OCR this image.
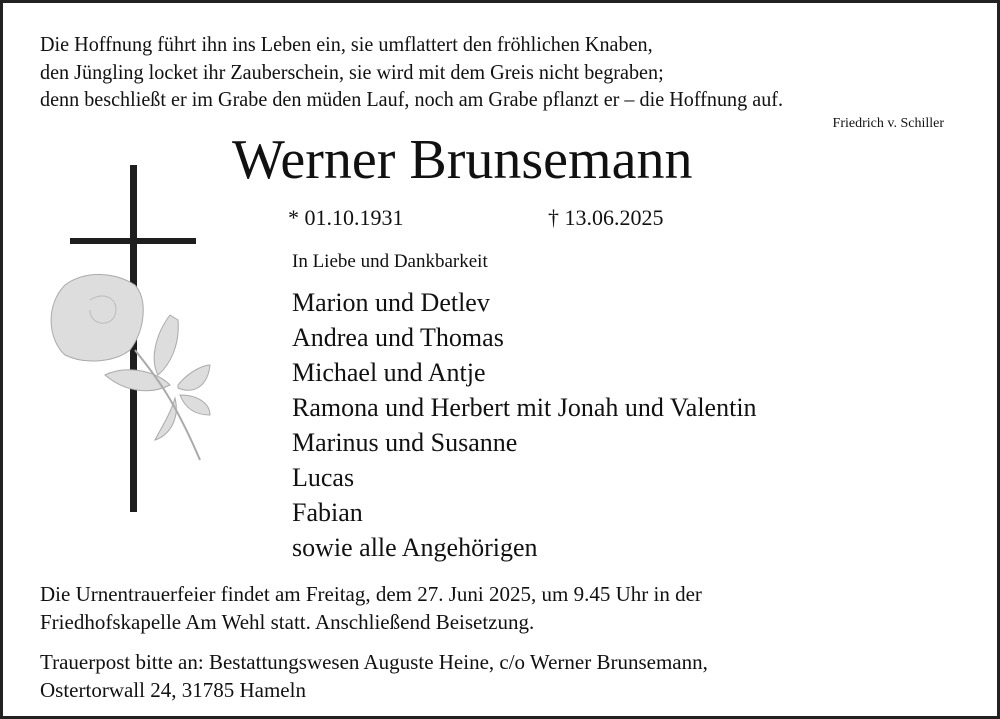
Die Hoffnung führt ihn ins Leben ein, sie umflattert den fröhlichen Knaben,
den Jüngling locket ihr Zauberschein, sie wird mit dem Greis nicht begraben;
denn beschließt er im Grabe den müden Lauf, noch am Grabe pflanzt er – die Hoffnung auf.
Friedrich v. Schiller
Werner Brunsemann
* 01.10.1931	† 13.06.2025
In Liebe und Dankbarkeit
Marion und Detlev
Andrea und Thomas
Michael und Antje
Ramona und Herbert mit Jonah und Valentin
Marinus und Susanne
Lucas
Fabian
sowie alle Angehörigen
Die Urnentrauerfeier findet am Freitag, dem 27. Juni 2025, um 9.45 Uhr in der
Friedhofskapelle Am Wehl statt. Anschließend Beisetzung.
Trauerpost bitte an: Bestattungswesen Auguste Heine, c/o Werner Brunsemann,
Ostertorwall 24, 31785 Hameln
